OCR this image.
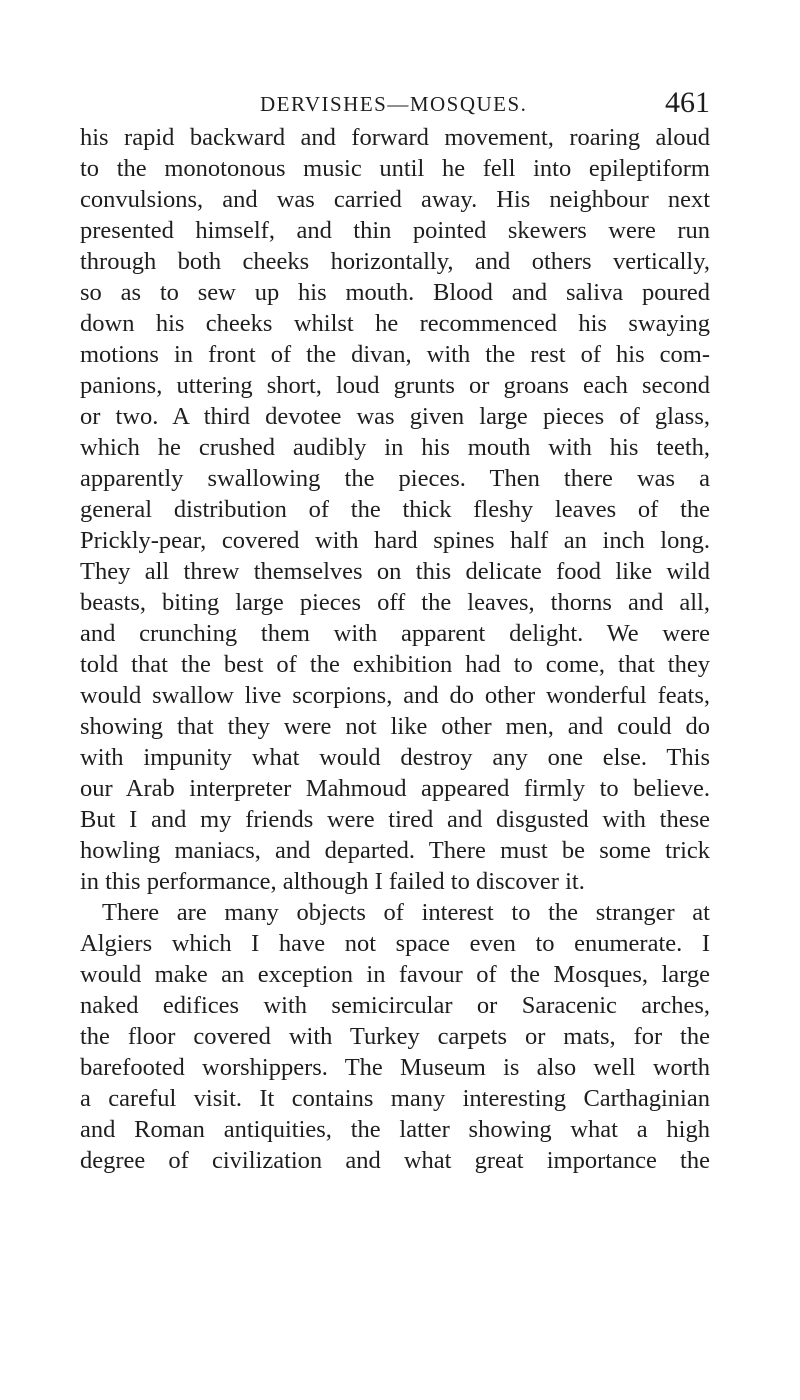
DERVISHES—MOSQUES.	461
his rapid backward and forward movement, roaring aloud
to the monotonous music until he fell into epileptiform
convulsions, and was carried away. His neighbour next
presented himself, and thin pointed skewers were run
through both cheeks horizontally, and others vertically,
so as to sew up his mouth. Blood and saliva poured
down his cheeks whilst he recommenced his swaying
motions in front of the divan, with the rest of his com-
panions, uttering short, loud grunts or groans each second
or two. A third devotee was given large pieces of glass,
which he crushed audibly in his mouth with his teeth,
apparently swallowing the pieces. Then there was a
general distribution of the thick fleshy leaves of the
Prickly-pear, covered with hard spines half an inch long.
They all threw themselves on this delicate food like wild
beasts, biting large pieces off the leaves, thorns and all,
and crunching them with apparent delight. We were
told that the best of the exhibition had to come, that they
would swallow live scorpions, and do other wonderful feats,
showing that they were not like other men, and could do
with impunity what would destroy any one else. This
our Arab interpreter Mahmoud appeared firmly to believe.
But I and my friends were tired and disgusted with these
howling maniacs, and departed. There must be some trick
in this performance, although I failed to discover it.
There are many objects of interest to the stranger at
Algiers which I have not space even to enumerate. I
would make an exception in favour of the Mosques, large
naked edifices with semicircular or Saracenic arches,
the floor covered with Turkey carpets or mats, for the
barefooted worshippers. The Museum is also well worth
a careful visit. It contains many interesting Carthaginian
and Roman antiquities, the latter showing what a high
degree of civilization and what great importance the
